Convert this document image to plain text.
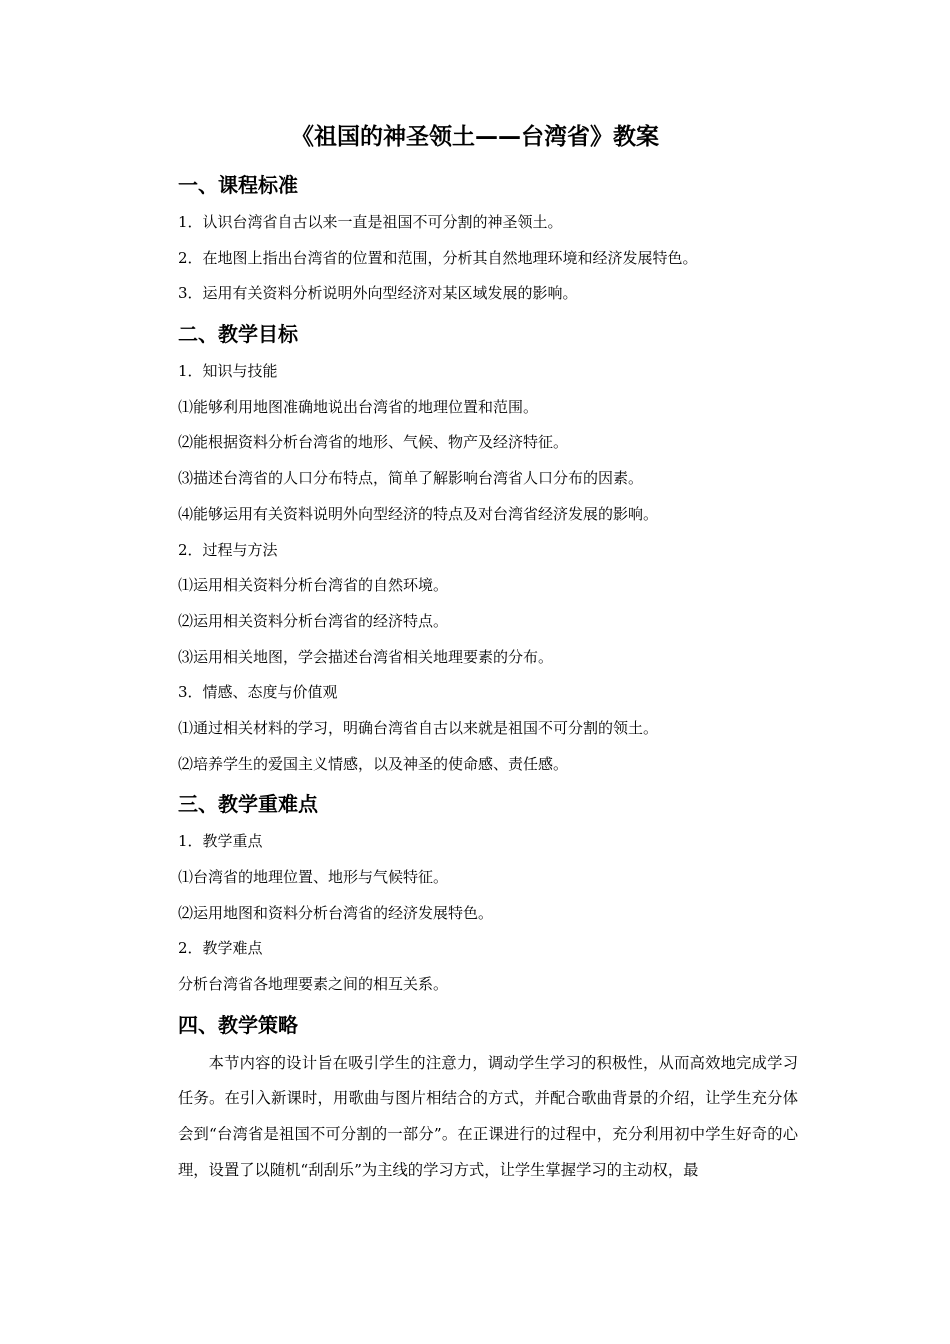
《祖国的神圣领土——台湾省》教案
一、课程标准
1．认识台湾省自古以来一直是祖国不可分割的神圣领土。
2．在地图上指出台湾省的位置和范围，分析其自然地理环境和经济发展特色。
3．运用有关资料分析说明外向型经济对某区域发展的影响。
二、教学目标
1．知识与技能
⑴能够利用地图准确地说出台湾省的地理位置和范围。
⑵能根据资料分析台湾省的地形、气候、物产及经济特征。
⑶描述台湾省的人口分布特点，简单了解影响台湾省人口分布的因素。
⑷能够运用有关资料说明外向型经济的特点及对台湾省经济发展的影响。
2．过程与方法
⑴运用相关资料分析台湾省的自然环境。
⑵运用相关资料分析台湾省的经济特点。
⑶运用相关地图，学会描述台湾省相关地理要素的分布。
3．情感、态度与价值观
⑴通过相关材料的学习，明确台湾省自古以来就是祖国不可分割的领土。
⑵培养学生的爱国主义情感，以及神圣的使命感、责任感。
三、教学重难点
1．教学重点
⑴台湾省的地理位置、地形与气候特征。
⑵运用地图和资料分析台湾省的经济发展特色。
2．教学难点
分析台湾省各地理要素之间的相互关系。
四、教学策略
本节内容的设计旨在吸引学生的注意力，调动学生学习的积极性，从而高效地完成学习任务。在引入新课时，用歌曲与图片相结合的方式，并配合歌曲背景的介绍，让学生充分体会到“台湾省是祖国不可分割的一部分”。在正课进行的过程中，充分利用初中学生好奇的心理，设置了以随机“刮刮乐”为主线的学习方式，让学生掌握学习的主动权，最
